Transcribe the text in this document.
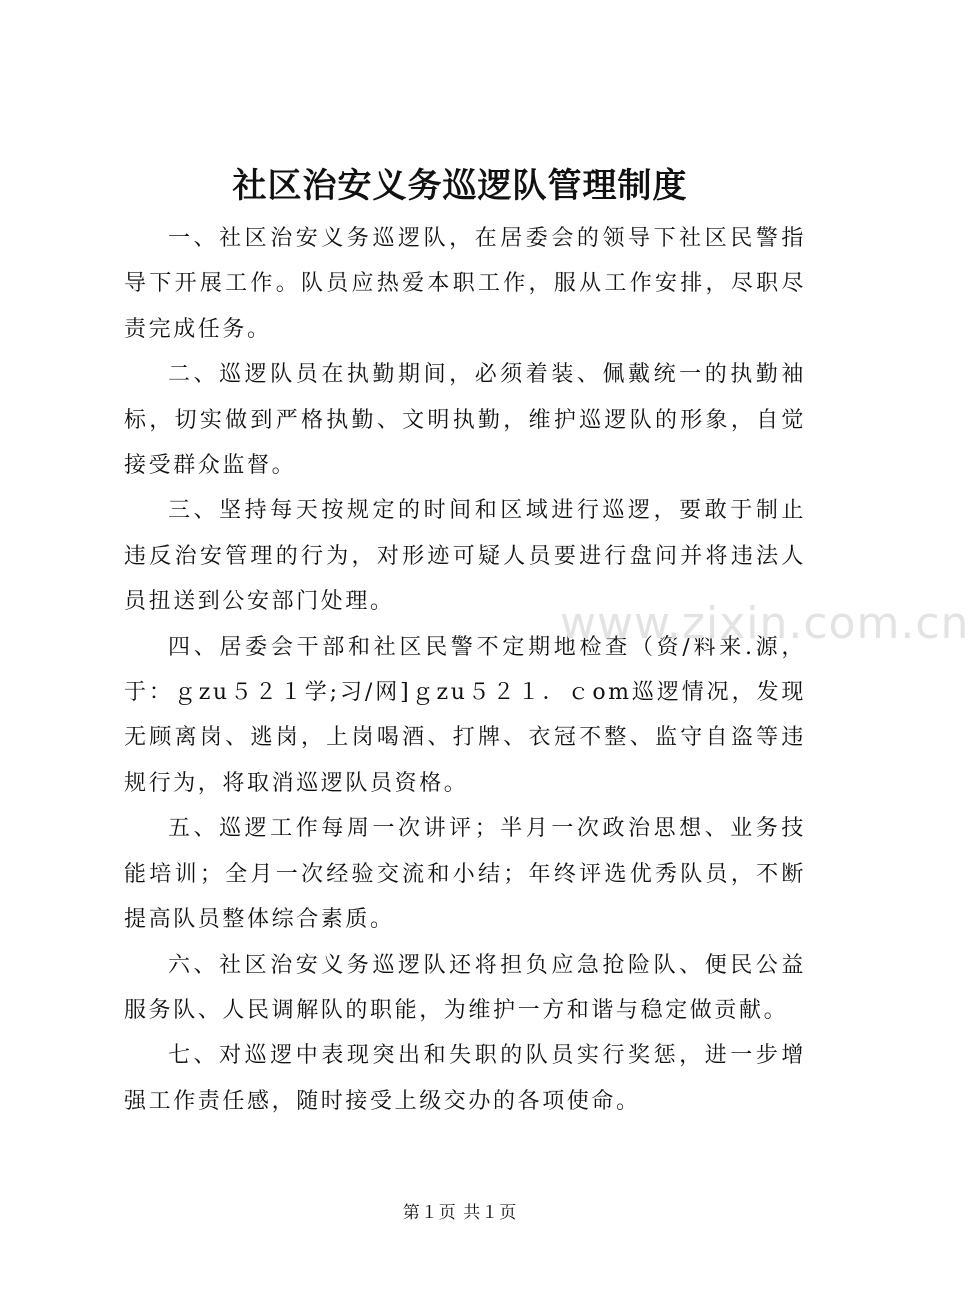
社区治安义务巡逻队管理制度

一、社区治安义务巡逻队，在居委会的领导下社区民警指导下开展工作。队员应热爱本职工作，服从工作安排，尽职尽责完成任务。

二、巡逻队员在执勤期间，必须着装、佩戴统一的执勤袖标，切实做到严格执勤、文明执勤，维护巡逻队的形象，自觉接受群众监督。

三、坚持每天按规定的时间和区域进行巡逻，要敢于制止违反治安管理的行为，对形迹可疑人员要进行盘问并将违法人员扭送到公安部门处理。

四、居委会干部和社区民警不定期地检查（资/料来.源，于：ｇzu５２１学;习/网]ｇzu５２１．ｃom巡逻情况，发现无顾离岗、逃岗，上岗喝酒、打牌、衣冠不整、监守自盗等违规行为，将取消巡逻队员资格。

五、巡逻工作每周一次讲评；半月一次政治思想、业务技能培训；全月一次经验交流和小结；年终评选优秀队员，不断提高队员整体综合素质。

六、社区治安义务巡逻队还将担负应急抢险队、便民公益服务队、人民调解队的职能，为维护一方和谐与稳定做贡献。

七、对巡逻中表现突出和失职的队员实行奖惩，进一步增强工作责任感，随时接受上级交办的各项使命。

www.zixin.com.cn
第１页 共１页
